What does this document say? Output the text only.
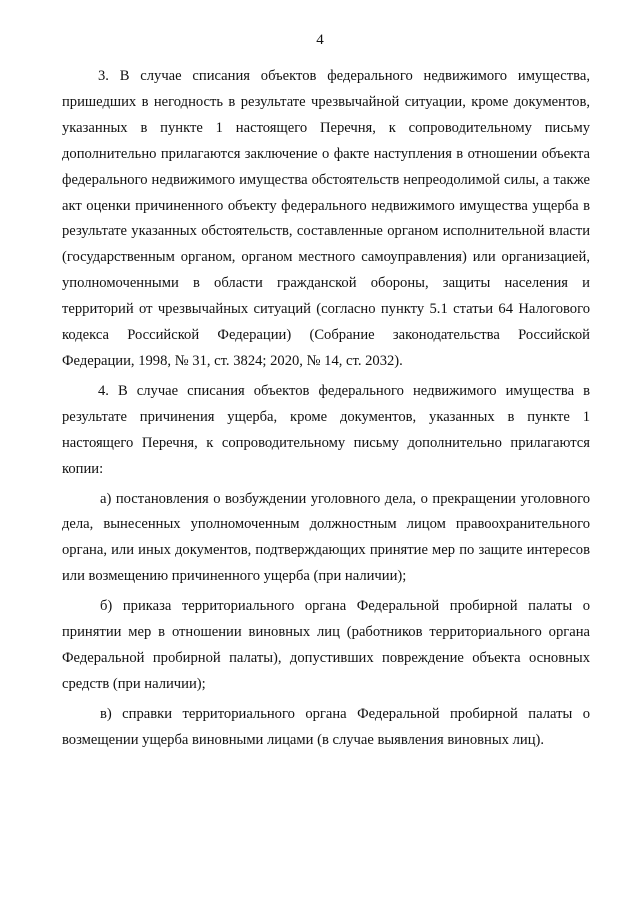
4

3. В случае списания объектов федерального недвижимого имущества, пришедших в негодность в результате чрезвычайной ситуации, кроме документов, указанных в пункте 1 настоящего Перечня, к сопроводительному письму дополнительно прилагаются заключение о факте наступления в отношении объекта федерального недвижимого имущества обстоятельств непреодолимой силы, а также акт оценки причиненного объекту федерального недвижимого имущества ущерба в результате указанных обстоятельств, составленные органом исполнительной власти (государственным органом, органом местного самоуправления) или организацией, уполномоченными в области гражданской обороны, защиты населения и территорий от чрезвычайных ситуаций (согласно пункту 5.1 статьи 64 Налогового кодекса Российской Федерации) (Собрание законодательства Российской Федерации, 1998, № 31, ст. 3824; 2020, № 14, ст. 2032).

4. В случае списания объектов федерального недвижимого имущества в результате причинения ущерба, кроме документов, указанных в пункте 1 настоящего Перечня, к сопроводительному письму дополнительно прилагаются копии:

а) постановления о возбуждении уголовного дела, о прекращении уголовного дела, вынесенных уполномоченным должностным лицом правоохранительного органа, или иных документов, подтверждающих принятие мер по защите интересов или возмещению причиненного ущерба (при наличии);

б) приказа территориального органа Федеральной пробирной палаты о принятии мер в отношении виновных лиц (работников территориального органа Федеральной пробирной палаты), допустивших повреждение объекта основных средств (при наличии);

в) справки территориального органа Федеральной пробирной палаты о возмещении ущерба виновными лицами (в случае выявления виновных лиц).
